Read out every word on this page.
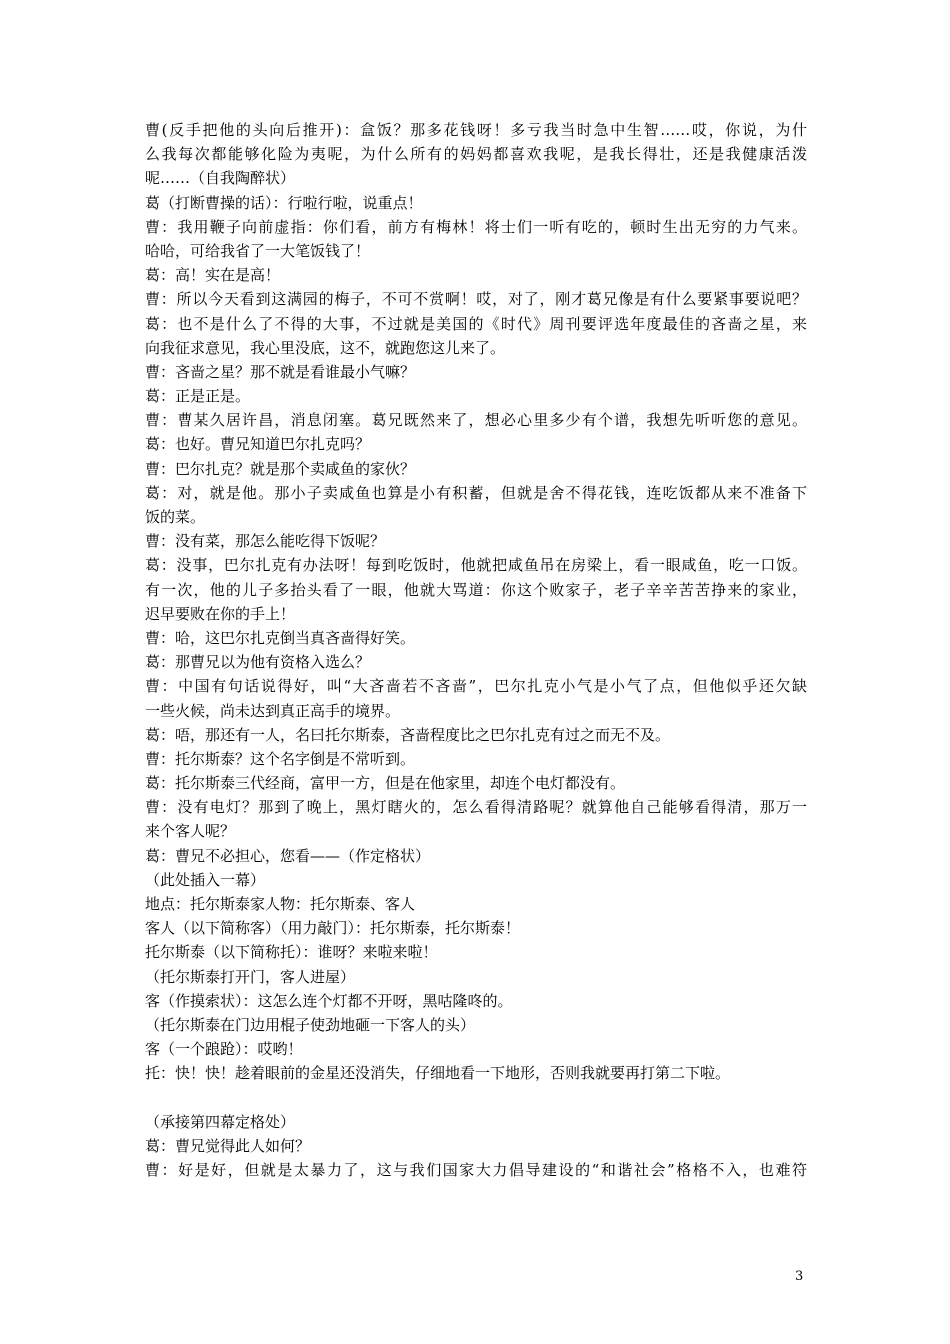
曹(反手把他的头向后推开)：盒饭？那多花钱呀！多亏我当时急中生智……哎，你说，为什
么我每次都能够化险为夷呢，为什么所有的妈妈都喜欢我呢，是我长得壮，还是我健康活泼
呢……（自我陶醉状）
葛（打断曹操的话）：行啦行啦，说重点！
曹：我用鞭子向前虚指：你们看，前方有梅林！将士们一听有吃的，顿时生出无穷的力气来。
哈哈，可给我省了一大笔饭钱了！
葛：高！实在是高！
曹：所以今天看到这满园的梅子，不可不赏啊！哎，对了，刚才葛兄像是有什么要紧事要说吧？
葛：也不是什么了不得的大事，不过就是美国的《时代》周刊要评选年度最佳的吝啬之星，来
向我征求意见，我心里没底，这不，就跑您这儿来了。
曹：吝啬之星？那不就是看谁最小气嘛？
葛：正是正是。
曹：曹某久居许昌，消息闭塞。葛兄既然来了，想必心里多少有个谱，我想先听听您的意见。
葛：也好。曹兄知道巴尔扎克吗？
曹：巴尔扎克？就是那个卖咸鱼的家伙？
葛：对，就是他。那小子卖咸鱼也算是小有积蓄，但就是舍不得花钱，连吃饭都从来不准备下
饭的菜。
曹：没有菜，那怎么能吃得下饭呢？
葛：没事，巴尔扎克有办法呀！每到吃饭时，他就把咸鱼吊在房梁上，看一眼咸鱼，吃一口饭。
有一次，他的儿子多抬头看了一眼，他就大骂道：你这个败家子，老子辛辛苦苦挣来的家业，
迟早要败在你的手上！
曹：哈，这巴尔扎克倒当真吝啬得好笑。
葛：那曹兄以为他有资格入选么？
曹：中国有句话说得好，叫“大吝啬若不吝啬”，巴尔扎克小气是小气了点，但他似乎还欠缺
一些火候，尚未达到真正高手的境界。
葛：唔，那还有一人，名曰托尔斯泰，吝啬程度比之巴尔扎克有过之而无不及。
曹：托尔斯泰？这个名字倒是不常听到。
葛：托尔斯泰三代经商，富甲一方，但是在他家里，却连个电灯都没有。
曹：没有电灯？那到了晚上，黑灯瞎火的，怎么看得清路呢？就算他自己能够看得清，那万一
来个客人呢？
葛：曹兄不必担心，您看——（作定格状）
（此处插入一幕）
地点：托尔斯泰家人物：托尔斯泰、客人
客人（以下简称客）（用力敲门）：托尔斯泰，托尔斯泰！
托尔斯泰（以下简称托）：谁呀？来啦来啦！
（托尔斯泰打开门，客人进屋）
客（作摸索状）：这怎么连个灯都不开呀，黑咕隆咚的。
（托尔斯泰在门边用棍子使劲地砸一下客人的头）
客（一个踉跄）：哎哟！
托：快！快！趁着眼前的金星还没消失，仔细地看一下地形，否则我就要再打第二下啦。
（承接第四幕定格处）
葛：曹兄觉得此人如何？
曹：好是好，但就是太暴力了，这与我们国家大力倡导建设的“和谐社会”格格不入，也难符
3
